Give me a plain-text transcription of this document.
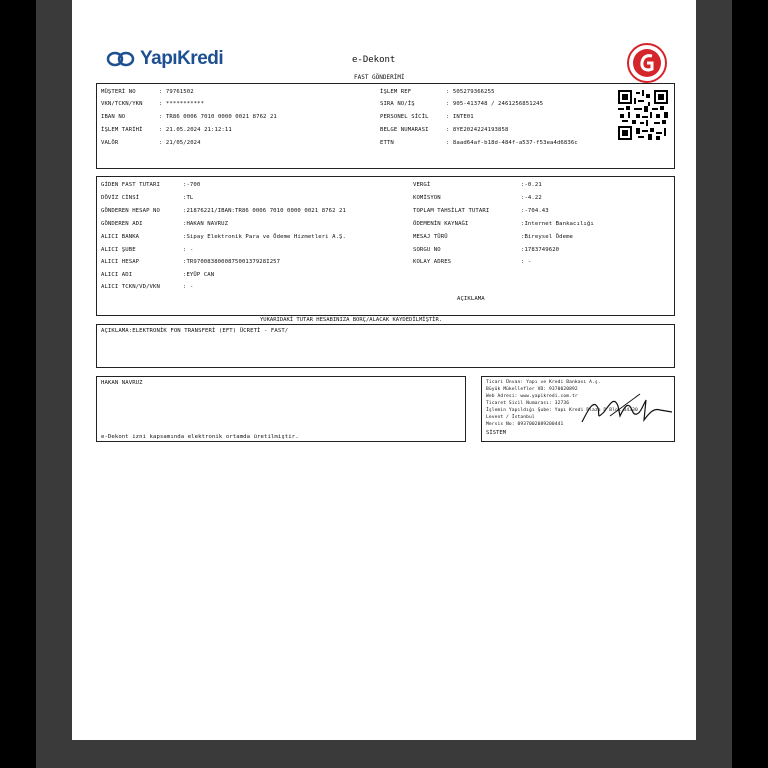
YapıKredi	e-Dekont
FAST GÖNDERİMİ
MÜŞTERİ NO	: 79761502
VKN/TCKN/YKN	: ***********
IBAN NO	: TR86 0006 7010 0000 0021 8762 21
İŞLEM TARİHİ	: 21.05.2024 21:12:11
VALÖR	: 21/05/2024
İŞLEM REF	: 505279366255
SIRA NO/İŞ	: 905-413748 / 2461256851245
PERSONEL SİCİL	: INTE01
BELGE NUMARASI	: 8YE2024224193858
ETTN	: 8aad64af-b18d-484f-a537-f53ea4d6836c
GİDEN FAST TUTARI	:-700
DÖVİZ CİNSİ	:TL
GÖNDEREN HESAP NO	:21876221/IBAN:TR86 0006 7010 0000 0021 8762 21
GÖNDEREN ADI	:HAKAN NAVRUZ
ALICI BANKA	:Sipay Elektronik Para ve Ödeme Hizmetleri A.Ş.
ALICI ŞUBE	: -
ALICI HESAP	:TR970083800087500137928I257
ALICI ADI	:EYÜP CAN
ALICI TCKN/VD/VKN	: -
VERGİ	:-0.21
KOMİSYON	:-4.22
TOPLAM TAHSİLAT TUTARI	:-704.43
ÖDEMENİN KAYNAĞI	:Internet Bankacılığı
MESAJ TÜRÜ	:Bireysel Ödeme
SORGU NO	:1783749620
KOLAY ADRES	: -
AÇIKLAMA
YUKARIDAKİ TUTAR HESABINIZA BORÇ/ALACAK KAYDEDİLMİŞTİR.
AÇIKLAMA:ELEKTRONİK FON TRANSFERİ (EFT) ÜCRETİ - FAST/
HAKAN NAVRUZ
e-Dekont izni kapsamında elektronik ortamda üretilmiştir.
Ticari Ünvan: Yapı ve Kredi Bankası A.ş.
Büyük Mükellefler VD: 9370020892
Web Adresi: www.yapikredi.com.tr
Ticaret Sicil Numarası: 32736
İşlemin Yapıldığı Şube: Yapı Kredi Plaza D Blok 34330
Levent / İstanbul
Mersis No: 0937002089200441
SİSTEM
